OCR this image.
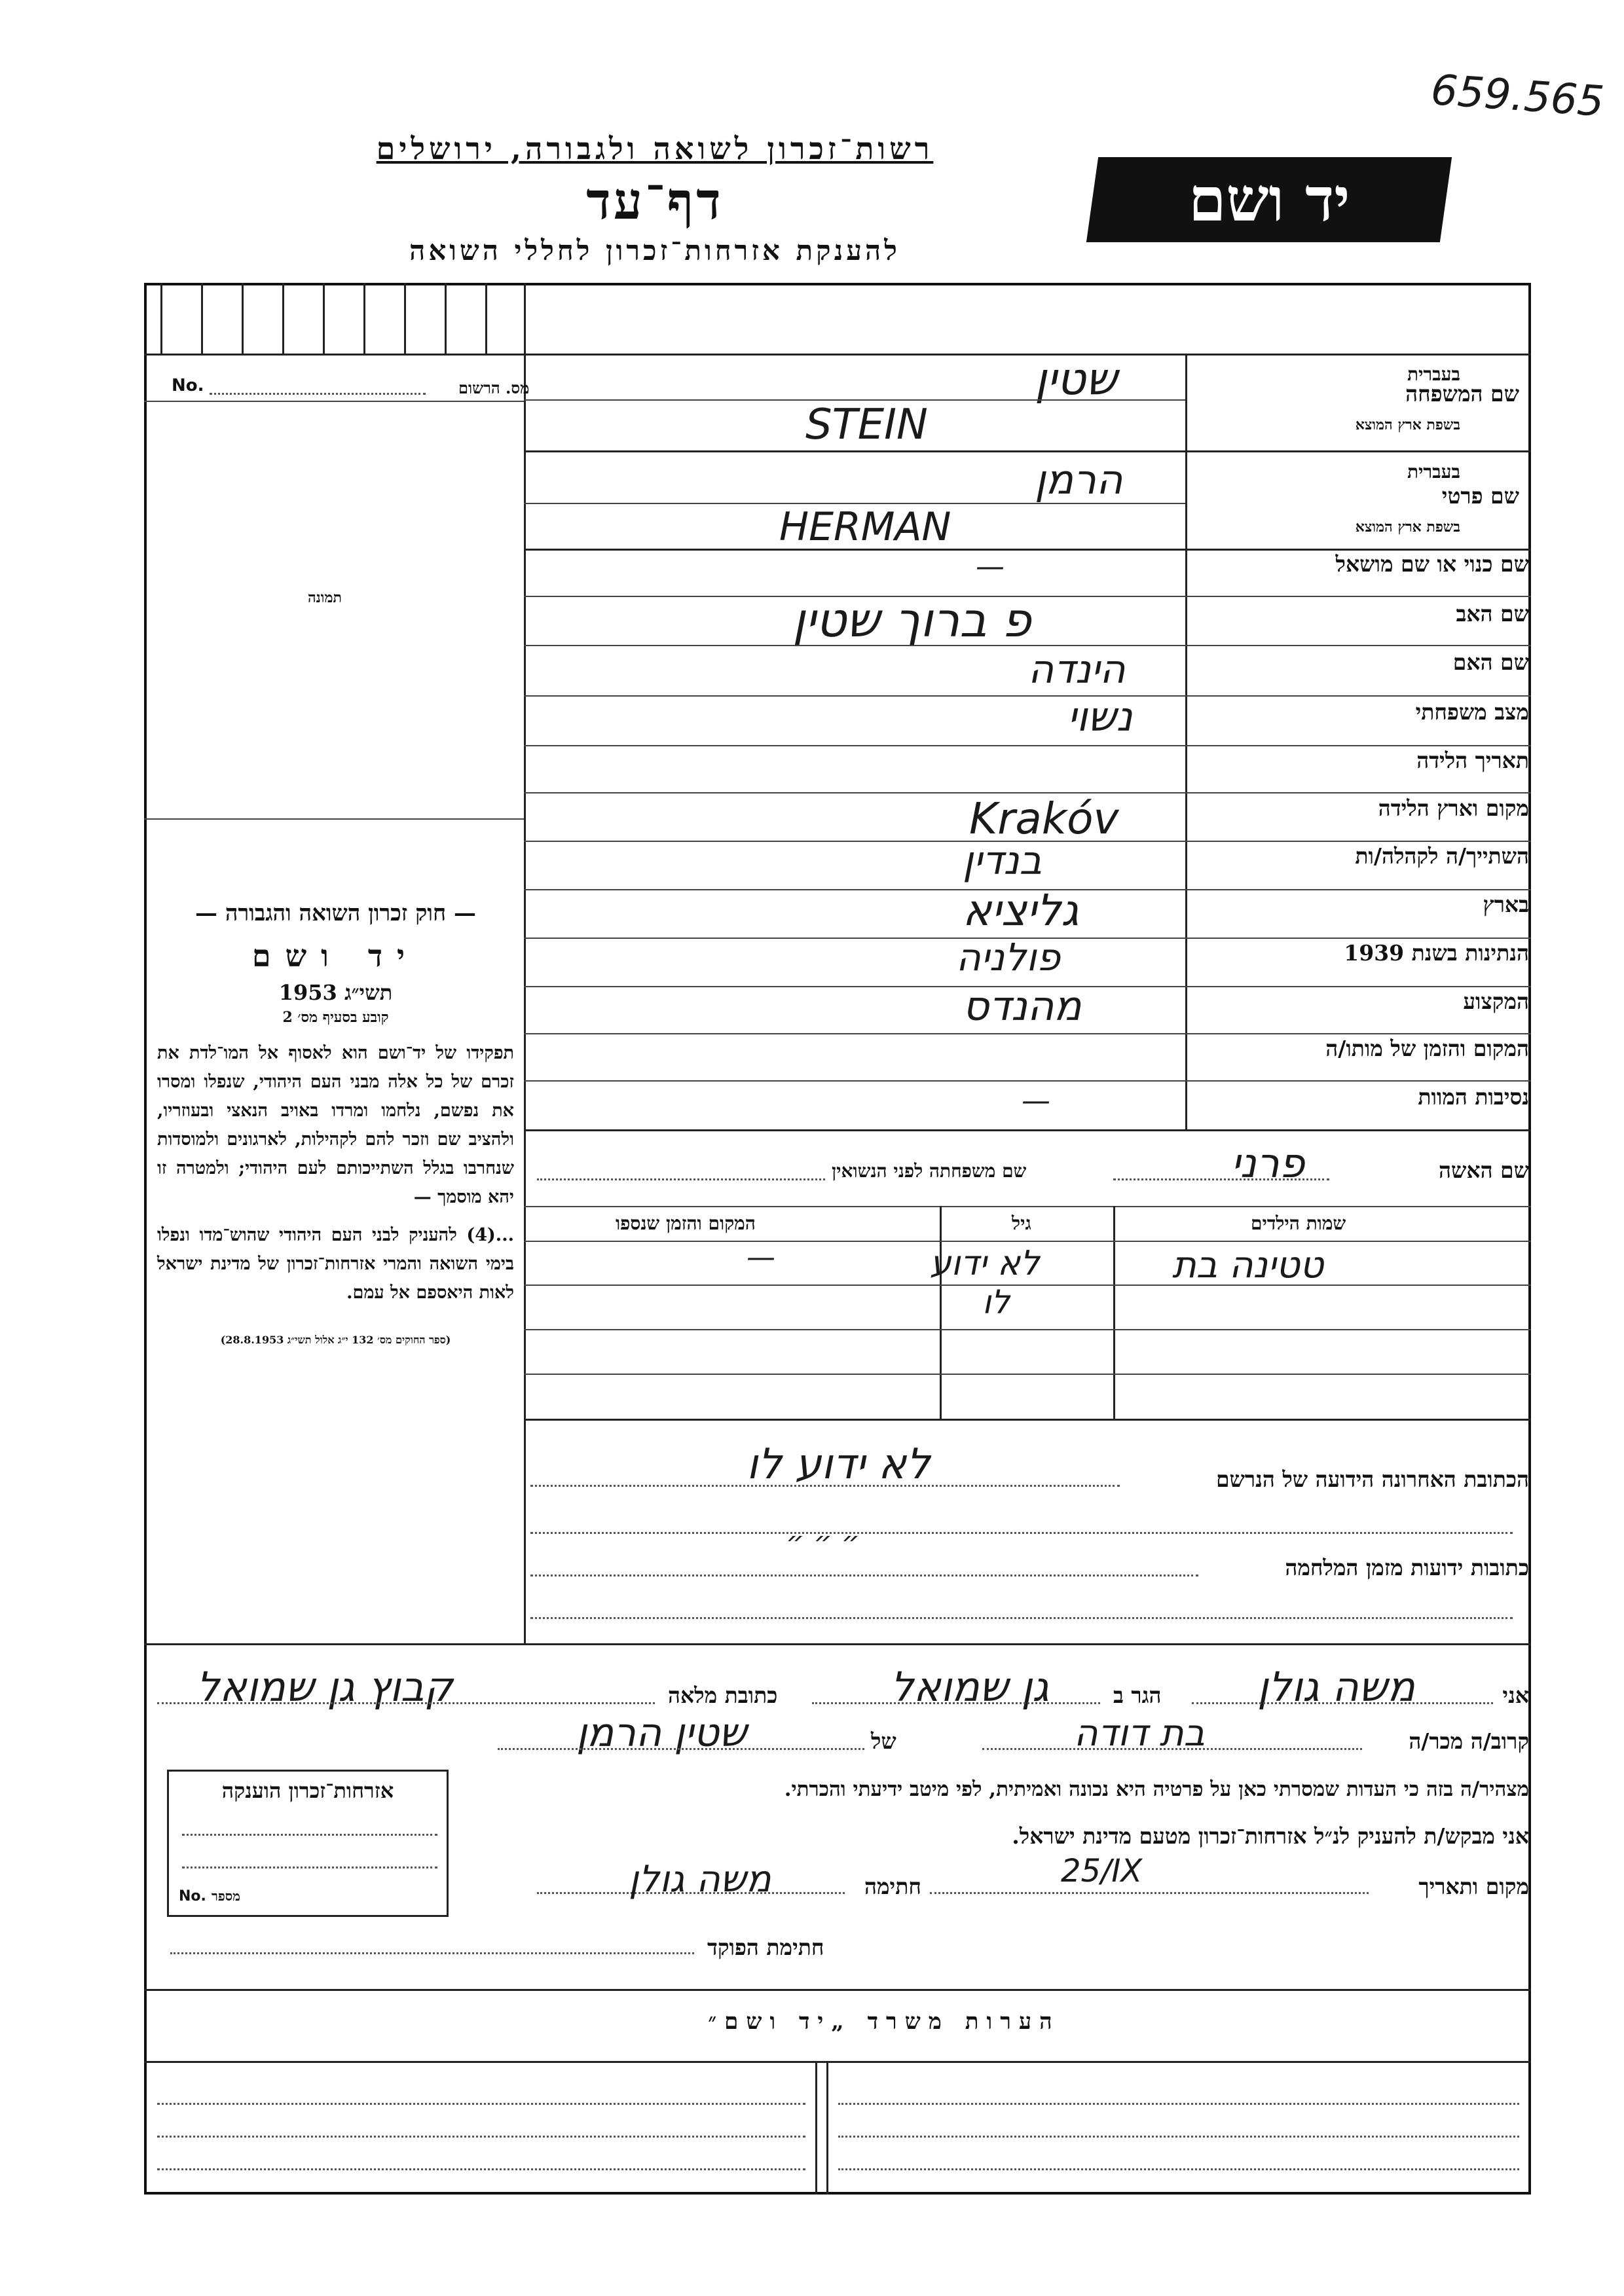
659.565
רשות־זכרון לשואה ולגבורה, ירושלים
דף־עד
להענקת אזרחות־זכרון לחללי השואה
יד ושם
מס. הרשום
No.
תמונה
— חוק זכרון השואה והגבורה —
יד ושם
תשי״ג 1953
קובע בסעיף מס׳ 2
תפקידו של יד־ושם הוא לאסוף אל המו־לדת את זכרם של כל אלה מבני העם היהודי, שנפלו ומסרו את נפשם, נלחמו ומרדו באויב הנאצי ובעוזריו, ולהציב שם וזכר להם לקהילות, לארגונים ולמוסדות שנחרבו בגלל השתייכותם לעם היהודי; ולמטרה זו יהא מוסמך —
...(4) להעניק לבני העם היהודי שהוש־מדו ונפלו בימי השואה והמרי אזרחות־זכרון של מדינת ישראל לאות היאספם אל עמם.
(ספר החוקים מס׳ 132 י״ג אלול תשי״ג 28.8.1953)
שם המשפחה
בעברית
בשפת ארץ המוצא
שטין
STEIN
שם פרטי
בעברית
בשפת ארץ המוצא
הרמן
HERMAN
שם כנוי או שם מושאל
—
שם האב
פ ברוך שטין
שם האם
הינדה
מצב משפחתי
נשוי
תאריך הלידה
מקום וארץ הלידה
Krakóv
השתייך/ה לקהלה/ות
בנדין
בארץ
גליציא
הנתינות בשנת 1939
פולניה
המקצוע
מהנדס
המקום והזמן של מותו/ה
נסיבות המוות
—
שם האשה
שם משפחתה לפני הנשואין	פרני
שמות הילדים
גיל
המקום והזמן שנספו
טטינה בת
לא ידוע
—
לו
הכתובת האחרונה הידועה של הנרשם
לא ידוע לו
כתובות ידועות מזמן המלחמה
״ ״ ״
אני
משה גולן
הגר ב
גן שמואל
כתובת מלאה
קבוץ גן שמואל
קרוב/ה מכר/ה
בת דודה
של
שטין הרמן
מצהיר/ה בזה כי העדות שמסרתי כאן על פרטיה היא נכונה ואמיתית, לפי מיטב ידיעתי והכרתי.
אני מבקש/ת להעניק לנ״ל אזרחות־זכרון מטעם מדינת ישראל.
מקום ותאריך
25/IX
חתימה
משה גולן
חתימת הפוקד
אזרחות־זכרון הוענקה
No. מספר
הערות משרד „יד ושם״
